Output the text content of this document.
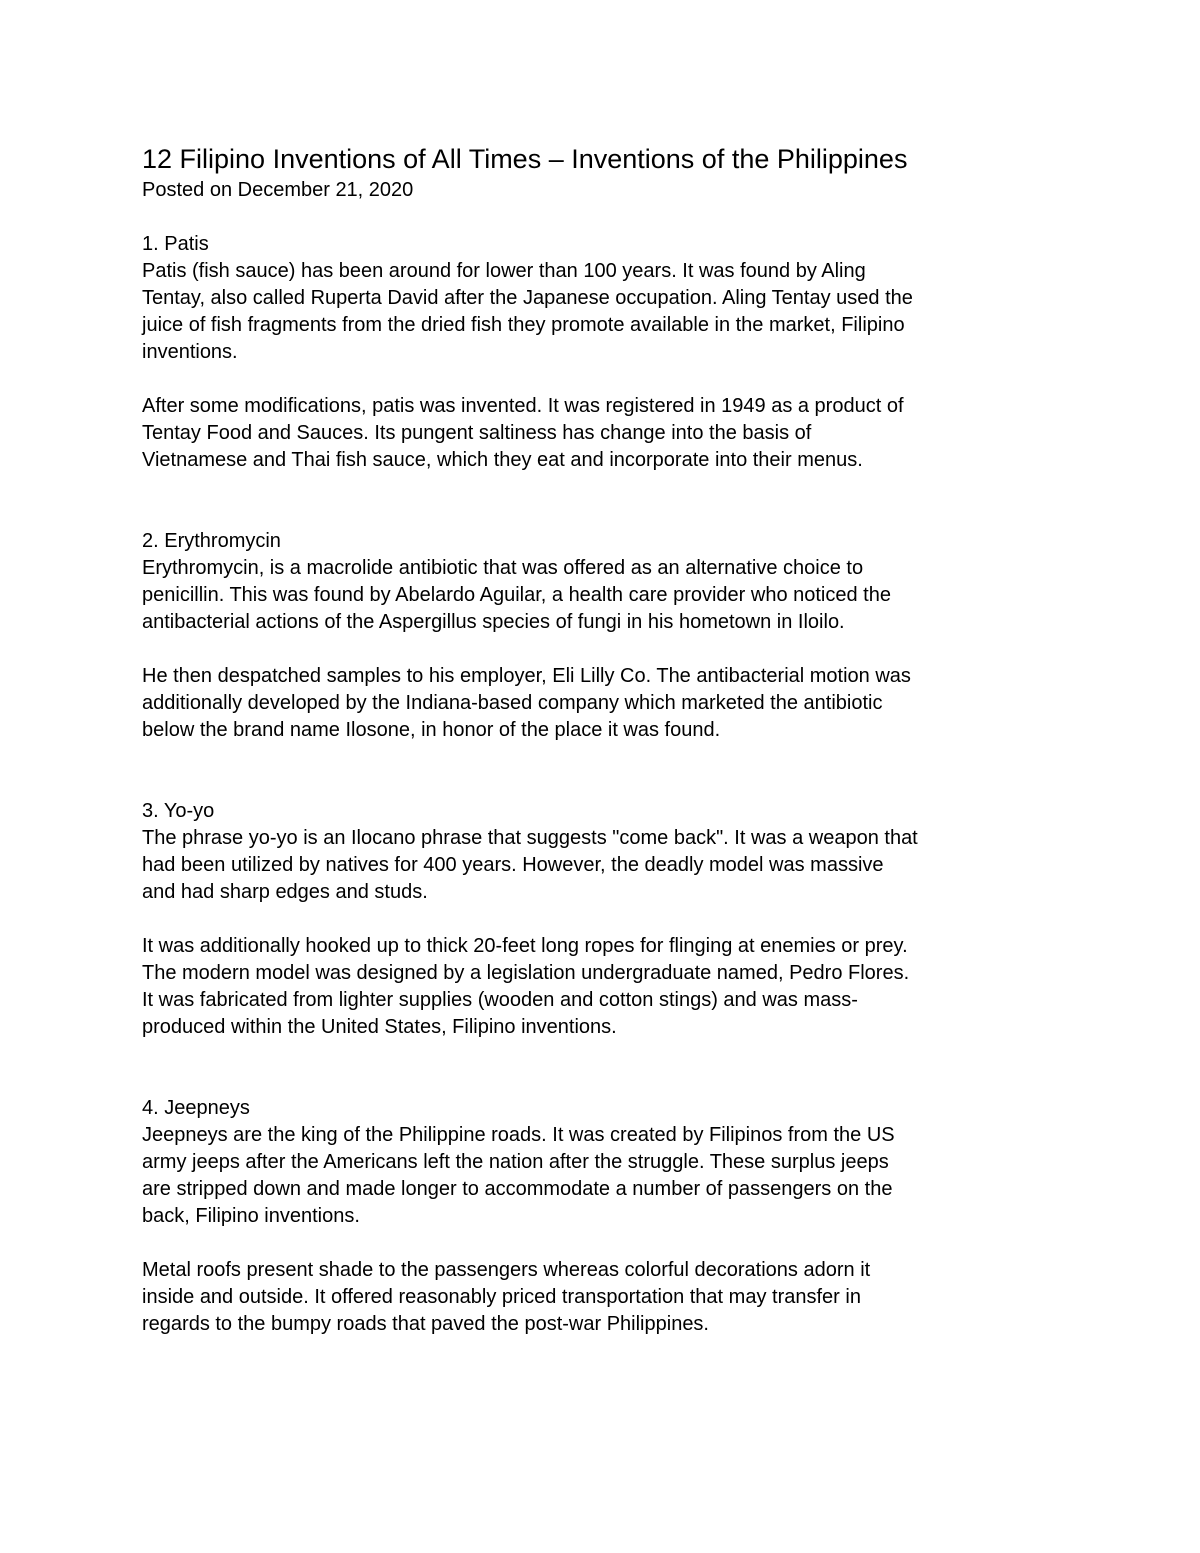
12 Filipino Inventions of All Times – Inventions of the Philippines

Posted on December 21, 2020

1. Patis

Patis (fish sauce) has been around for lower than 100 years. It was found by Aling
Tentay, also called Ruperta David after the Japanese occupation. Aling Tentay used the
juice of fish fragments from the dried fish they promote available in the market, Filipino
inventions.

After some modifications, patis was invented. It was registered in 1949 as a product of
Tentay Food and Sauces. Its pungent saltiness has change into the basis of
Vietnamese and Thai fish sauce, which they eat and incorporate into their menus.

2. Erythromycin

Erythromycin, is a macrolide antibiotic that was offered as an alternative choice to
penicillin. This was found by Abelardo Aguilar, a health care provider who noticed the
antibacterial actions of the Aspergillus species of fungi in his hometown in Iloilo.

He then despatched samples to his employer, Eli Lilly Co. The antibacterial motion was
additionally developed by the Indiana-based company which marketed the antibiotic
below the brand name Ilosone, in honor of the place it was found.

3. Yo-yo

The phrase yo-yo is an Ilocano phrase that suggests "come back". It was a weapon that
had been utilized by natives for 400 years. However, the deadly model was massive
and had sharp edges and studs.

It was additionally hooked up to thick 20-feet long ropes for flinging at enemies or prey.
The modern model was designed by a legislation undergraduate named, Pedro Flores.
It was fabricated from lighter supplies (wooden and cotton stings) and was mass-
produced within the United States, Filipino inventions.

4. Jeepneys

Jeepneys are the king of the Philippine roads. It was created by Filipinos from the US
army jeeps after the Americans left the nation after the struggle. These surplus jeeps
are stripped down and made longer to accommodate a number of passengers on the
back, Filipino inventions.

Metal roofs present shade to the passengers whereas colorful decorations adorn it
inside and outside. It offered reasonably priced transportation that may transfer in
regards to the bumpy roads that paved the post-war Philippines.
